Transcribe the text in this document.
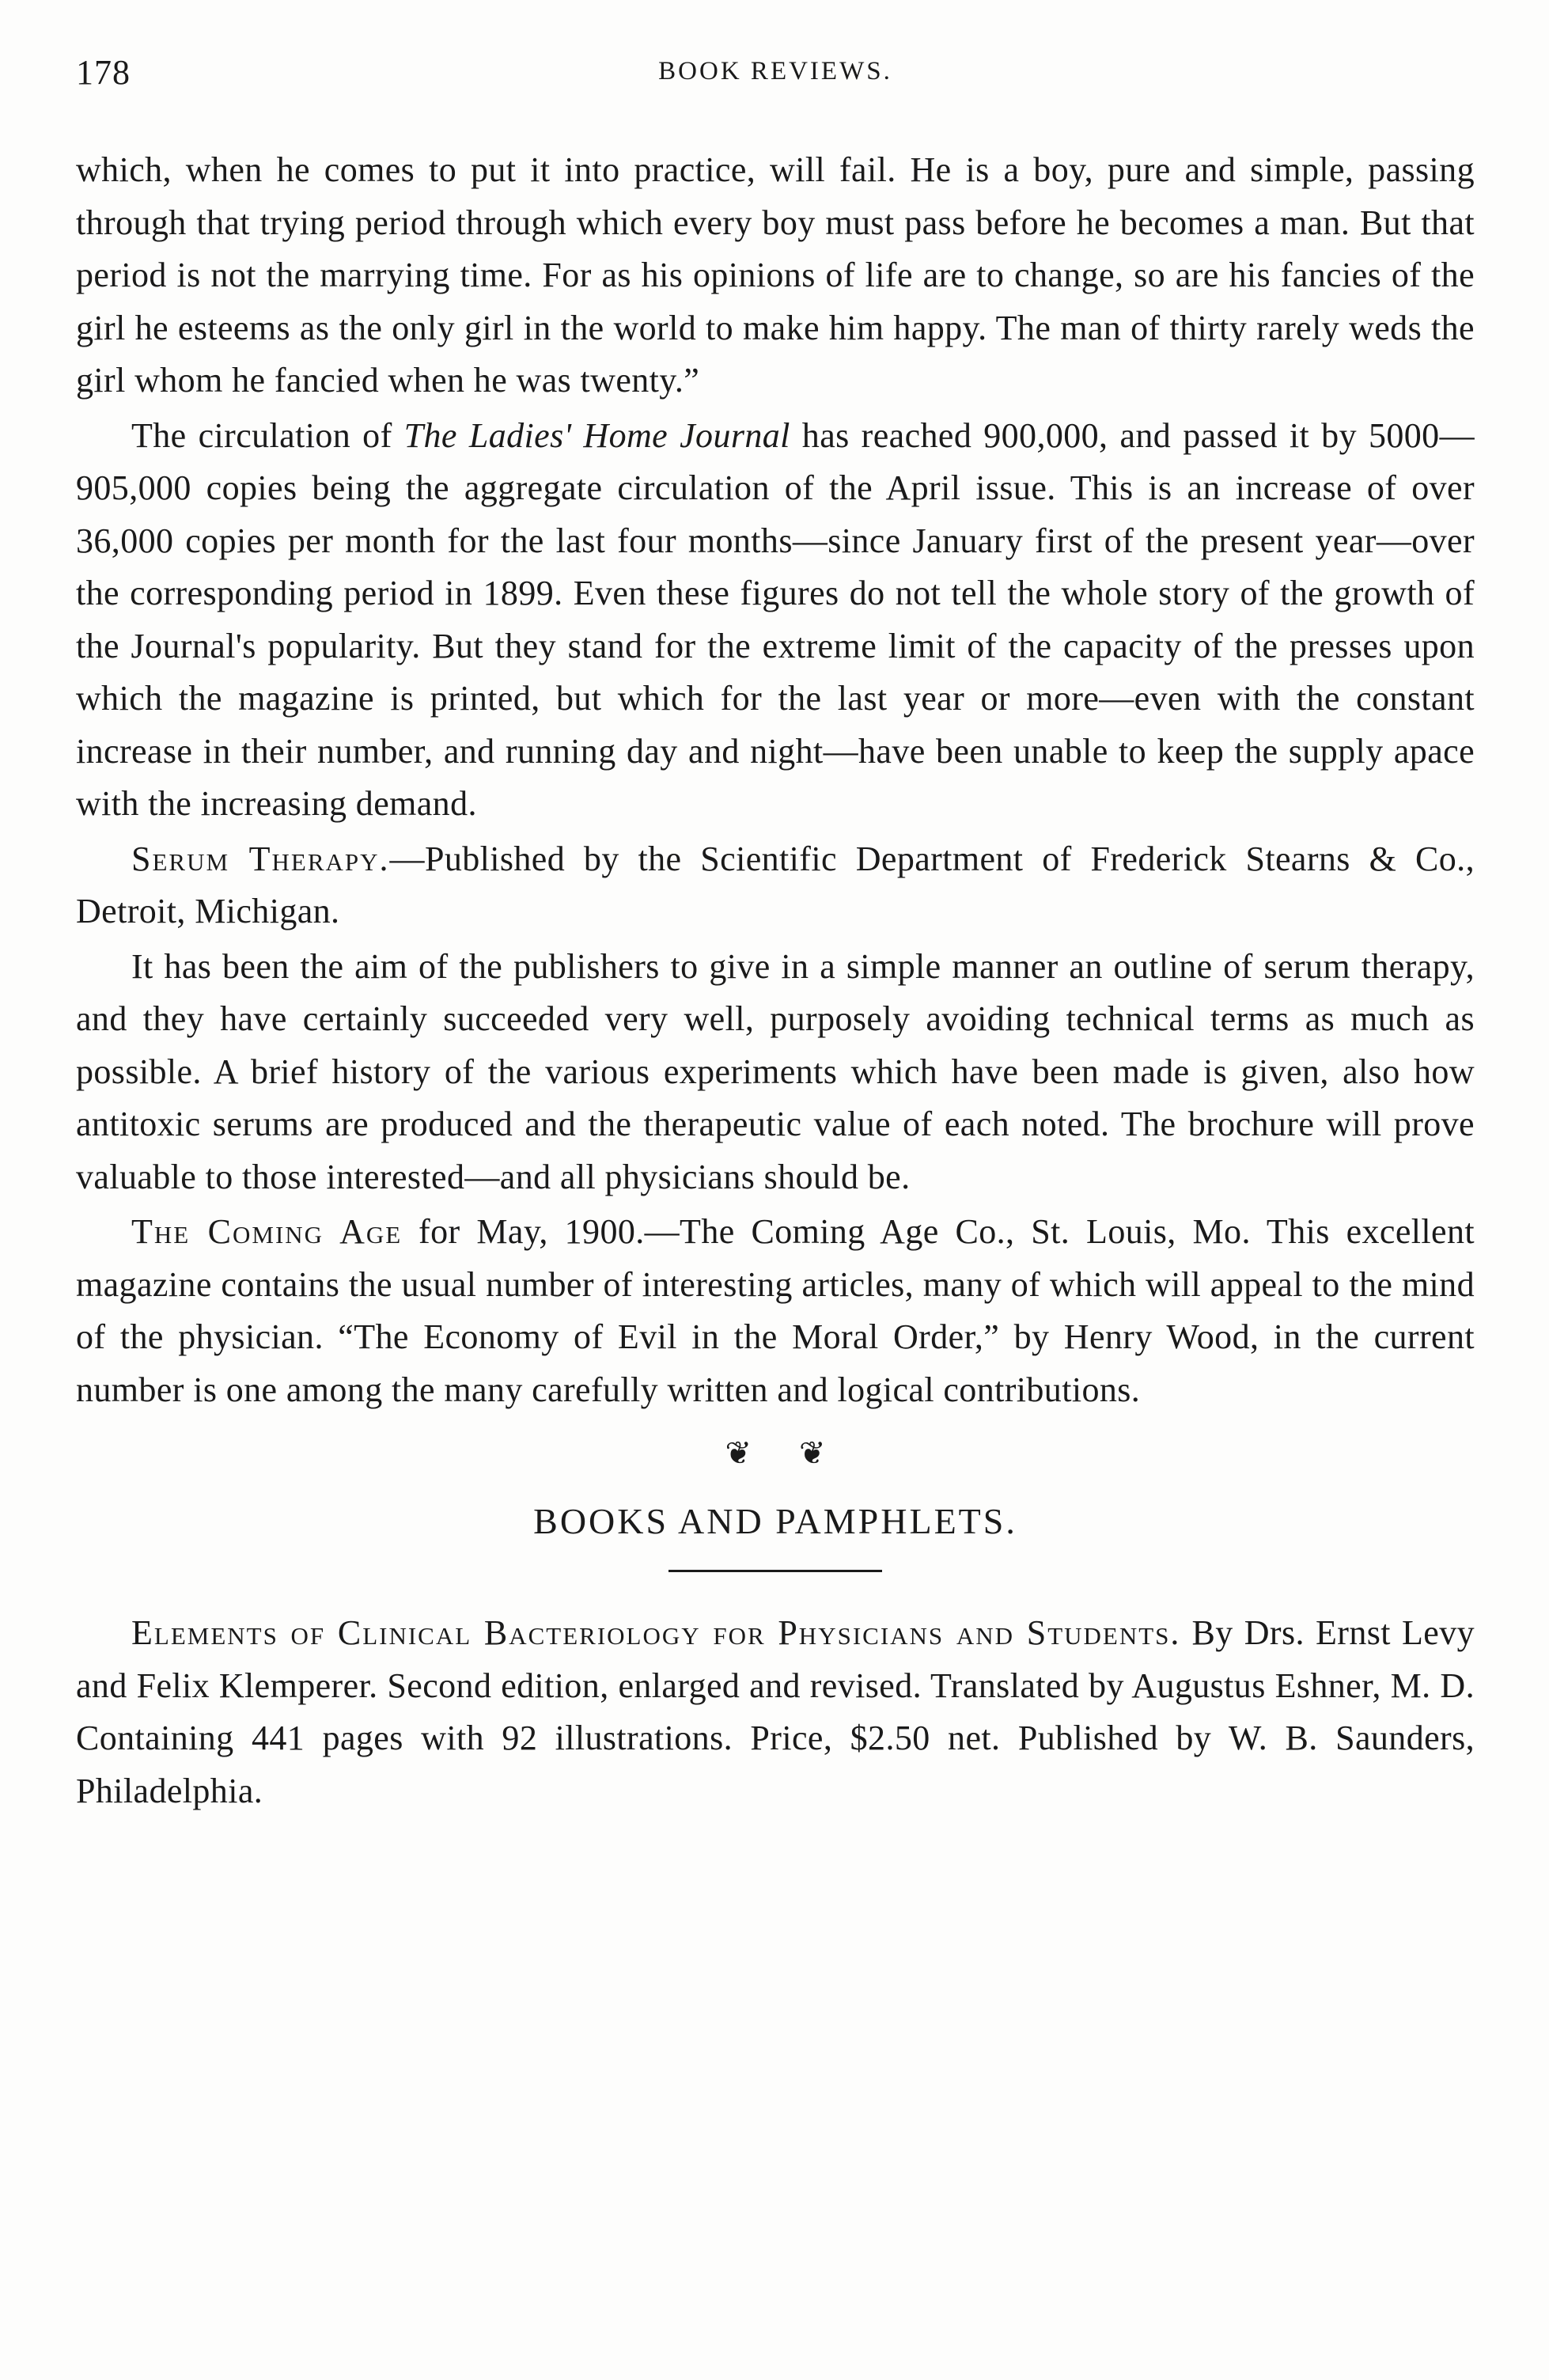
178	BOOK REVIEWS.

which, when he comes to put it into practice, will fail. He is a boy, pure and simple, passing through that trying period through which every boy must pass before he becomes a man. But that period is not the marrying time. For as his opinions of life are to change, so are his fancies of the girl he esteems as the only girl in the world to make him happy. The man of thirty rarely weds the girl whom he fancied when he was twenty.”

The circulation of The Ladies' Home Journal has reached 900,000, and passed it by 5000—905,000 copies being the aggregate circulation of the April issue. This is an increase of over 36,000 copies per month for the last four months—since January first of the present year—over the corresponding period in 1899. Even these figures do not tell the whole story of the growth of the Journal's popularity. But they stand for the extreme limit of the capacity of the presses upon which the magazine is printed, but which for the last year or more—even with the constant increase in their number, and running day and night—have been unable to keep the supply apace with the increasing demand.

Serum Therapy.—Published by the Scientific Department of Frederick Stearns & Co., Detroit, Michigan.

It has been the aim of the publishers to give in a simple manner an outline of serum therapy, and they have certainly succeeded very well, purposely avoiding technical terms as much as possible. A brief history of the various experiments which have been made is given, also how antitoxic serums are produced and the therapeutic value of each noted. The brochure will prove valuable to those interested—and all physicians should be.

The Coming Age for May, 1900.—The Coming Age Co., St. Louis, Mo. This excellent magazine contains the usual number of interesting articles, many of which will appeal to the mind of the physician. “The Economy of Evil in the Moral Order,” by Henry Wood, in the current number is one among the many carefully written and logical contributions.

❦❦
BOOKS AND PAMPHLETS.

Elements of Clinical Bacteriology for Physicians and Students. By Drs. Ernst Levy and Felix Klemperer. Second edition, enlarged and revised. Translated by Augustus Eshner, M. D. Containing 441 pages with 92 illustrations. Price, $2.50 net. Published by W. B. Saunders, Philadelphia.
